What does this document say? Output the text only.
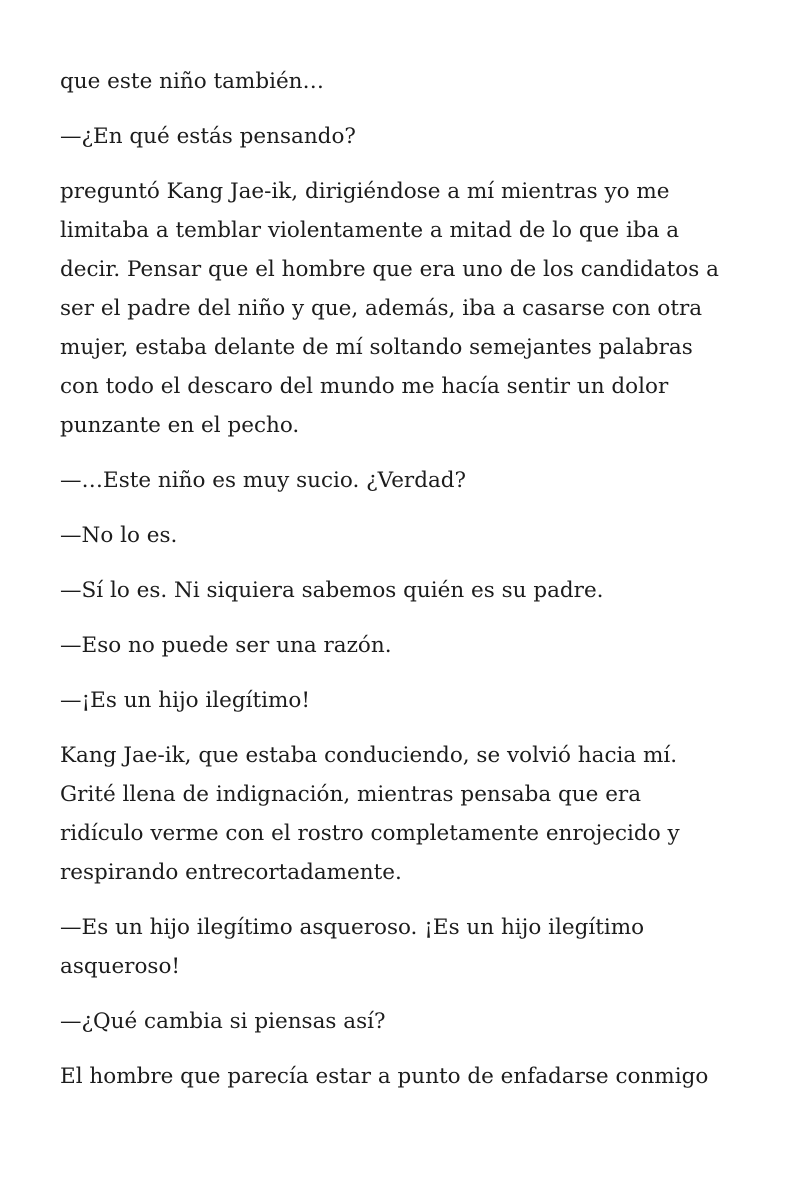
que este niño también…

—¿En qué estás pensando?

preguntó Kang Jae-ik, dirigiéndose a mí mientras yo me
limitaba a temblar violentamente a mitad de lo que iba a
decir. Pensar que el hombre que era uno de los candidatos a
ser el padre del niño y que, además, iba a casarse con otra
mujer, estaba delante de mí soltando semejantes palabras
con todo el descaro del mundo me hacía sentir un dolor
punzante en el pecho.

—…Este niño es muy sucio. ¿Verdad?

—No lo es.

—Sí lo es. Ni siquiera sabemos quién es su padre.

—Eso no puede ser una razón.

—¡Es un hijo ilegítimo!

Kang Jae-ik, que estaba conduciendo, se volvió hacia mí.
Grité llena de indignación, mientras pensaba que era
ridículo verme con el rostro completamente enrojecido y
respirando entrecortadamente.

—Es un hijo ilegítimo asqueroso. ¡Es un hijo ilegítimo
asqueroso!

—¿Qué cambia si piensas así?

El hombre que parecía estar a punto de enfadarse conmigo
